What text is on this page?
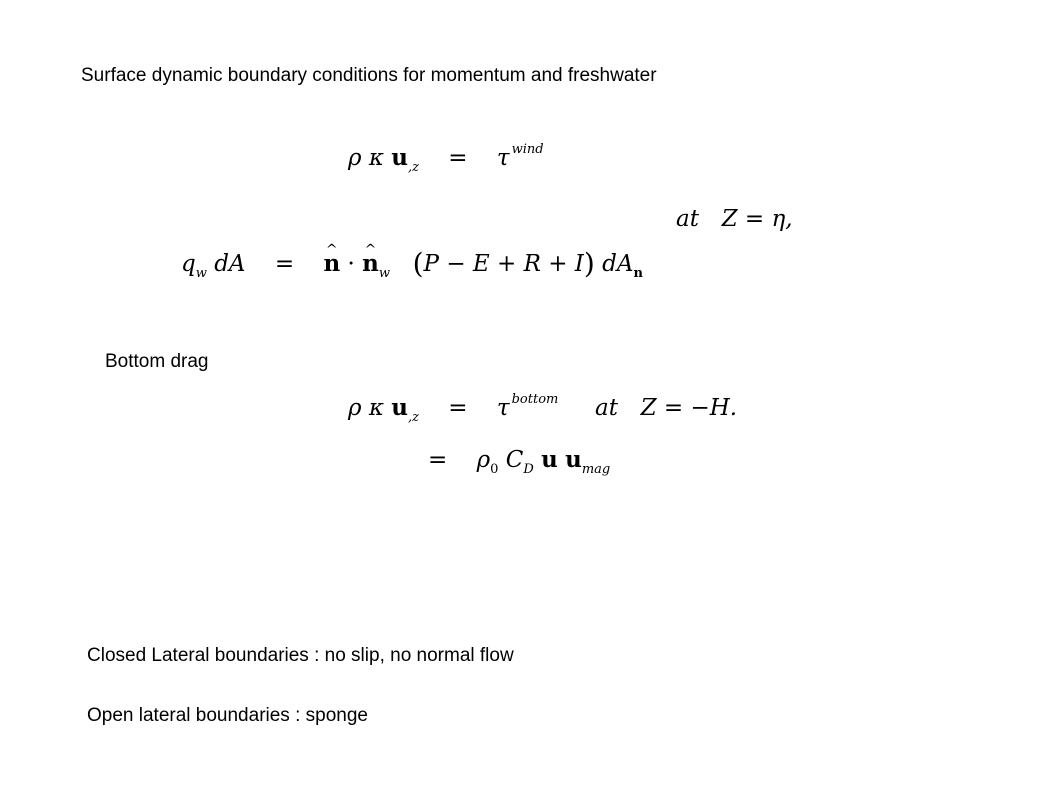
Surface dynamic boundary conditions for momentum and freshwater
ρ κ $u_{,z} = \tau$ $^{wind}$
at Z = η,
$q_w$ dA = ^ n · ^ $n_w$ (P − E + R + I) $dA_n$
Bottom drag
ρ κ $u_{,z} = \tau$ $^{bottom}$ at Z = −H.
= $\rho_0$ $C_D$ u $u_{mag}$
Closed Lateral boundaries : no slip, no normal flow
Open lateral boundaries : sponge
